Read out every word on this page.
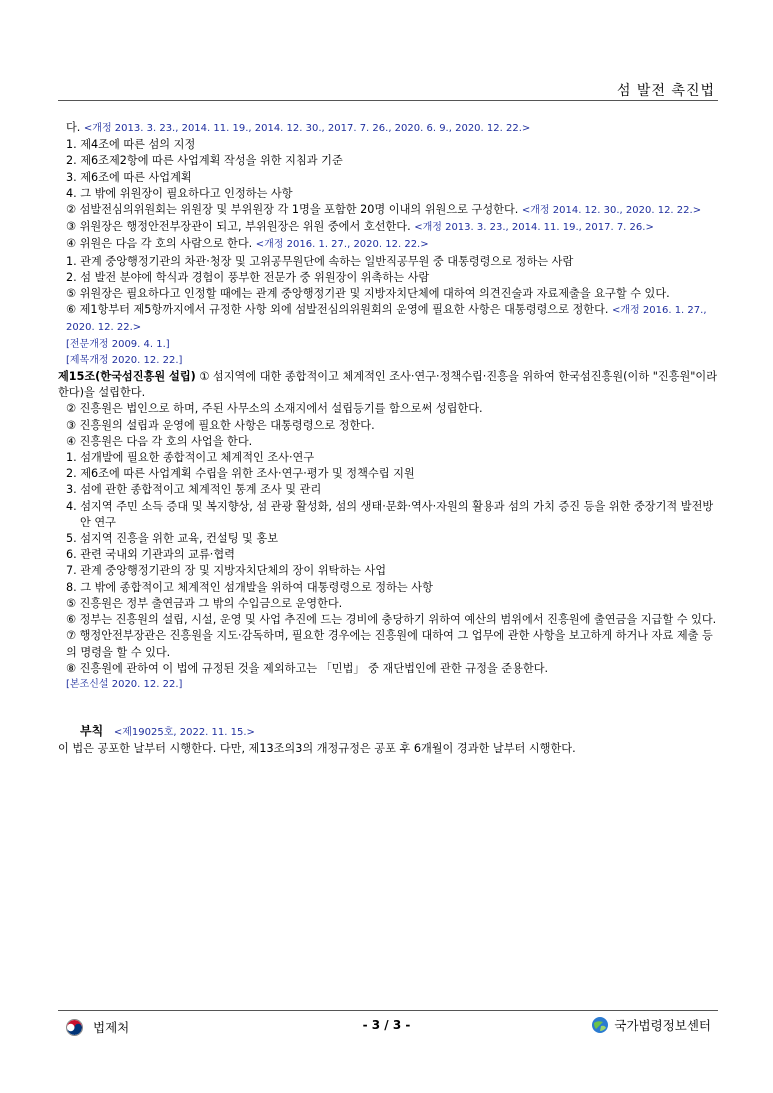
섬 발전 촉진법

다. <개정 2013. 3. 23., 2014. 11. 19., 2014. 12. 30., 2017. 7. 26., 2020. 6. 9., 2020. 12. 22.>

1. 제4조에 따른 섬의 지정

2. 제6조제2항에 따른 사업계획 작성을 위한 지침과 기준

3. 제6조에 따른 사업계획

4. 그 밖에 위원장이 필요하다고 인정하는 사항

② 섬발전심의위원회는 위원장 및 부위원장 각 1명을 포함한 20명 이내의 위원으로 구성한다. <개정 2014. 12. 30., 2020. 12. 22.>

③ 위원장은 행정안전부장관이 되고, 부위원장은 위원 중에서 호선한다. <개정 2013. 3. 23., 2014. 11. 19., 2017. 7. 26.>

④ 위원은 다음 각 호의 사람으로 한다. <개정 2016. 1. 27., 2020. 12. 22.>

1. 관계 중앙행정기관의 차관·청장 및 고위공무원단에 속하는 일반직공무원 중 대통령령으로 정하는 사람

2. 섬 발전 분야에 학식과 경험이 풍부한 전문가 중 위원장이 위촉하는 사람

⑤ 위원장은 필요하다고 인정할 때에는 관계 중앙행정기관 및 지방자치단체에 대하여 의견진술과 자료제출을 요구할 수 있다.

⑥ 제1항부터 제5항까지에서 규정한 사항 외에 섬발전심의위원회의 운영에 필요한 사항은 대통령령으로 정한다. <개정 2016. 1. 27., 2020. 12. 22.>

[전문개정 2009. 4. 1.]
[제목개정 2020. 12. 22.]

제15조(한국섬진흥원 설립) ① 섬지역에 대한 종합적이고 체계적인 조사·연구·정책수립·진흥을 위하여 한국섬진흥원(이하 "진흥원"이라 한다)을 설립한다.

② 진흥원은 법인으로 하며, 주된 사무소의 소재지에서 설립등기를 함으로써 성립한다.

③ 진흥원의 설립과 운영에 필요한 사항은 대통령령으로 정한다.

④ 진흥원은 다음 각 호의 사업을 한다.

1. 섬개발에 필요한 종합적이고 체계적인 조사·연구

2. 제6조에 따른 사업계획 수립을 위한 조사·연구·평가 및 정책수립 지원

3. 섬에 관한 종합적이고 체계적인 통계 조사 및 관리

4. 섬지역 주민 소득 증대 및 복지향상, 섬 관광 활성화, 섬의 생태·문화·역사·자원의 활용과 섬의 가치 증진 등을 위한 중장기적 발전방안 연구

5. 섬지역 진흥을 위한 교육, 컨설팅 및 홍보

6. 관련 국내외 기관과의 교류·협력

7. 관계 중앙행정기관의 장 및 지방자치단체의 장이 위탁하는 사업

8. 그 밖에 종합적이고 체계적인 섬개발을 위하여 대통령령으로 정하는 사항

⑤ 진흥원은 정부 출연금과 그 밖의 수입금으로 운영한다.

⑥ 정부는 진흥원의 설립, 시설, 운영 및 사업 추진에 드는 경비에 충당하기 위하여 예산의 범위에서 진흥원에 출연금을 지급할 수 있다.

⑦ 행정안전부장관은 진흥원을 지도·감독하며, 필요한 경우에는 진흥원에 대하여 그 업무에 관한 사항을 보고하게 하거나 자료 제출 등의 명령을 할 수 있다.

⑧ 진흥원에 관하여 이 법에 규정된 것을 제외하고는 「민법」 중 재단법인에 관한 규정을 준용한다.

[본조신설 2020. 12. 22.]
부칙 <제19025호, 2022. 11. 15.>

이 법은 공포한 날부터 시행한다. 다만, 제13조의3의 개정규정은 공포 후 6개월이 경과한 날부터 시행한다.

법제처	- 3 / 3 -	국가법령정보센터
